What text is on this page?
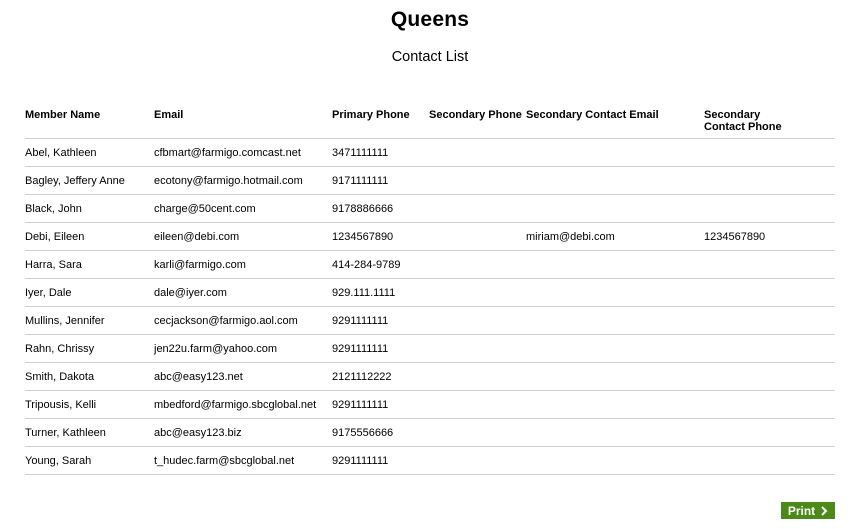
Queens
Contact List
Member Name	Email	Primary Phone	Secondary Phone	Secondary Contact Email	Secondary Contact Phone
Abel, Kathleen	cfbmart@farmigo.comcast.net	3471111111			
Bagley, Jeffery Anne	ecotony@farmigo.hotmail.com	9171111111			
Black, John	charge@50cent.com	9178886666			
Debi, Eileen	eileen@debi.com	1234567890		miriam@debi.com	1234567890
Harra, Sara	karli@farmigo.com	414-284-9789			
Iyer, Dale	dale@iyer.com	929.111.1111			
Mullins, Jennifer	cecjackson@farmigo.aol.com	9291111111			
Rahn, Chrissy	jen22u.farm@yahoo.com	9291111111			
Smith, Dakota	abc@easy123.net	2121112222			
Tripousis, Kelli	mbedford@farmigo.sbcglobal.net	9291111111			
Turner, Kathleen	abc@easy123.biz	9175556666			
Young, Sarah	t_hudec.farm@sbcglobal.net	9291111111			
Print
